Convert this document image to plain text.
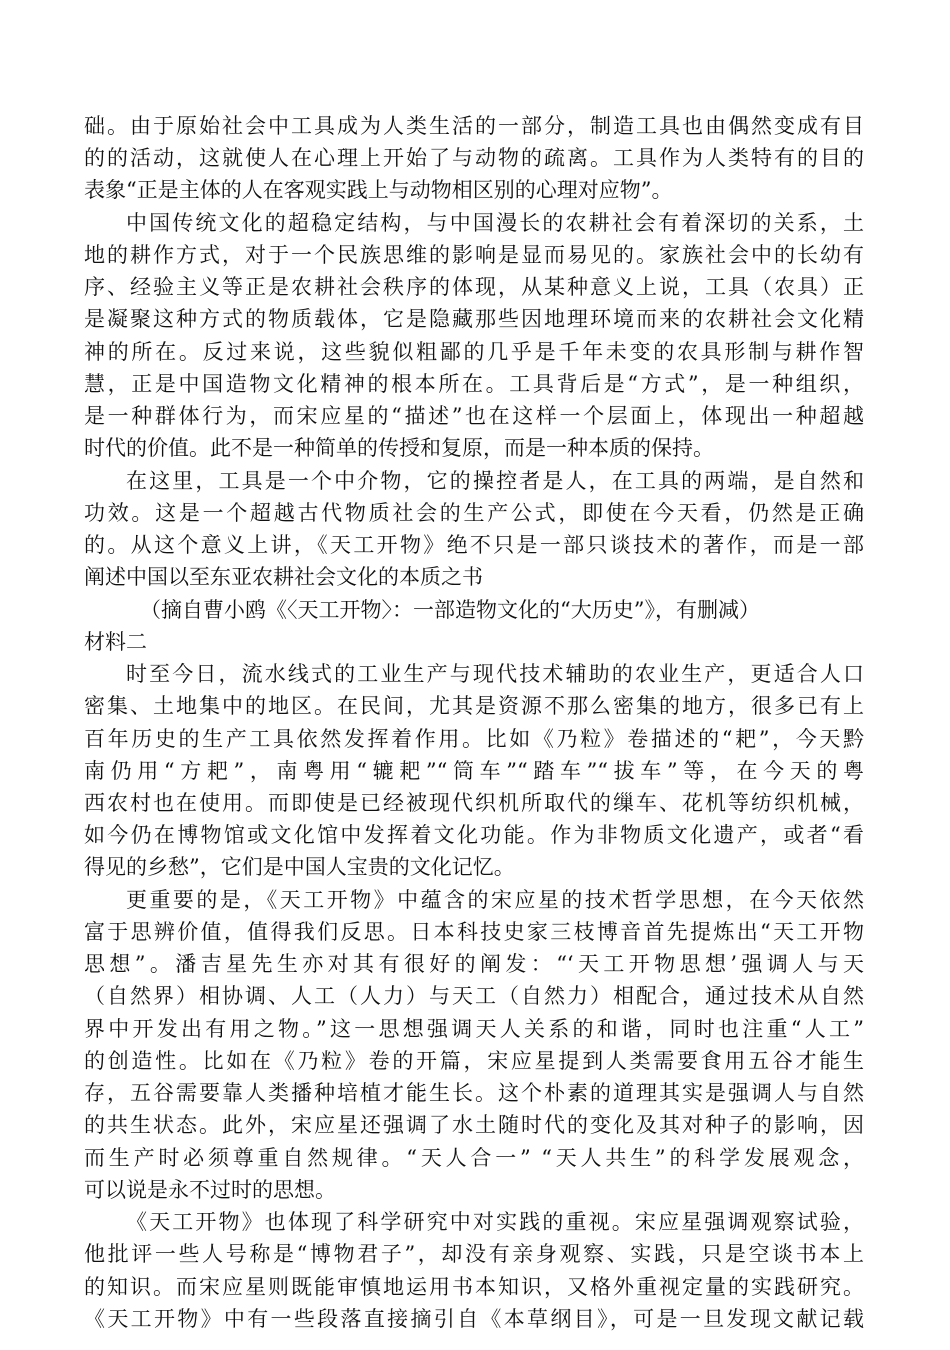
础。由于原始社会中工具成为人类生活的一部分，制造工具也由偶然变成有目
的的活动，这就使人在心理上开始了与动物的疏离。工具作为人类特有的目的
表象“正是主体的人在客观实践上与动物相区别的心理对应物”。
中国传统文化的超稳定结构，与中国漫长的农耕社会有着深切的关系，土
地的耕作方式，对于一个民族思维的影响是显而易见的。家族社会中的长幼有
序、经验主义等正是农耕社会秩序的体现，从某种意义上说，工具（农具）正
是凝聚这种方式的物质载体，它是隐藏那些因地理环境而来的农耕社会文化精
神的所在。反过来说，这些貌似粗鄙的几乎是千年未变的农具形制与耕作智
慧，正是中国造物文化精神的根本所在。工具背后是“方式”，是一种组织，
是一种群体行为，而宋应星的“描述”也在这样一个层面上，体现出一种超越
时代的价值。此不是一种简单的传授和复原，而是一种本质的保持。
在这里，工具是一个中介物，它的操控者是人，在工具的两端，是自然和
功效。这是一个超越古代物质社会的生产公式，即使在今天看，仍然是正确
的。从这个意义上讲，《天工开物》绝不只是一部只谈技术的著作，而是一部
阐述中国以至东亚农耕社会文化的本质之书
（摘自曹小鸥《〈天工开物〉：一部造物文化的“大历史”》，有删减）
材料二
时至今日，流水线式的工业生产与现代技术辅助的农业生产，更适合人口
密集、土地集中的地区。在民间，尤其是资源不那么密集的地方，很多已有上
百年历史的生产工具依然发挥着作用。比如《乃粒》卷描述的“耙”，今天黔
南仍用“方耙”，南粤用“辘耙”“筒车”“踏车”“拔车”等，在今天的粤
西农村也在使用。而即使是已经被现代织机所取代的缫车、花机等纺织机械，
如今仍在博物馆或文化馆中发挥着文化功能。作为非物质文化遗产，或者“看
得见的乡愁”，它们是中国人宝贵的文化记忆。
更重要的是，《天工开物》中蕴含的宋应星的技术哲学思想，在今天依然
富于思辨价值，值得我们反思。日本科技史家三枝博音首先提炼出“天工开物
思想”。潘吉星先生亦对其有很好的阐发：“‘天工开物思想’强调人与天
（自然界）相协调、人工（人力）与天工（自然力）相配合，通过技术从自然
界中开发出有用之物。”这一思想强调天人关系的和谐，同时也注重“人工”
的创造性。比如在《乃粒》卷的开篇，宋应星提到人类需要食用五谷才能生
存，五谷需要靠人类播种培植才能生长。这个朴素的道理其实是强调人与自然
的共生状态。此外，宋应星还强调了水土随时代的变化及其对种子的影响，因
而生产时必须尊重自然规律。“天人合一” “天人共生”的科学发展观念，
可以说是永不过时的思想。
《天工开物》也体现了科学研究中对实践的重视。宋应星强调观察试验，
他批评一些人号称是“博物君子”，却没有亲身观察、实践，只是空谈书本上
的知识。而宋应星则既能审慎地运用书本知识，又格外重视定量的实践研究。
《天工开物》中有一些段落直接摘引自《本草纲目》，可是一旦发现文献记载
